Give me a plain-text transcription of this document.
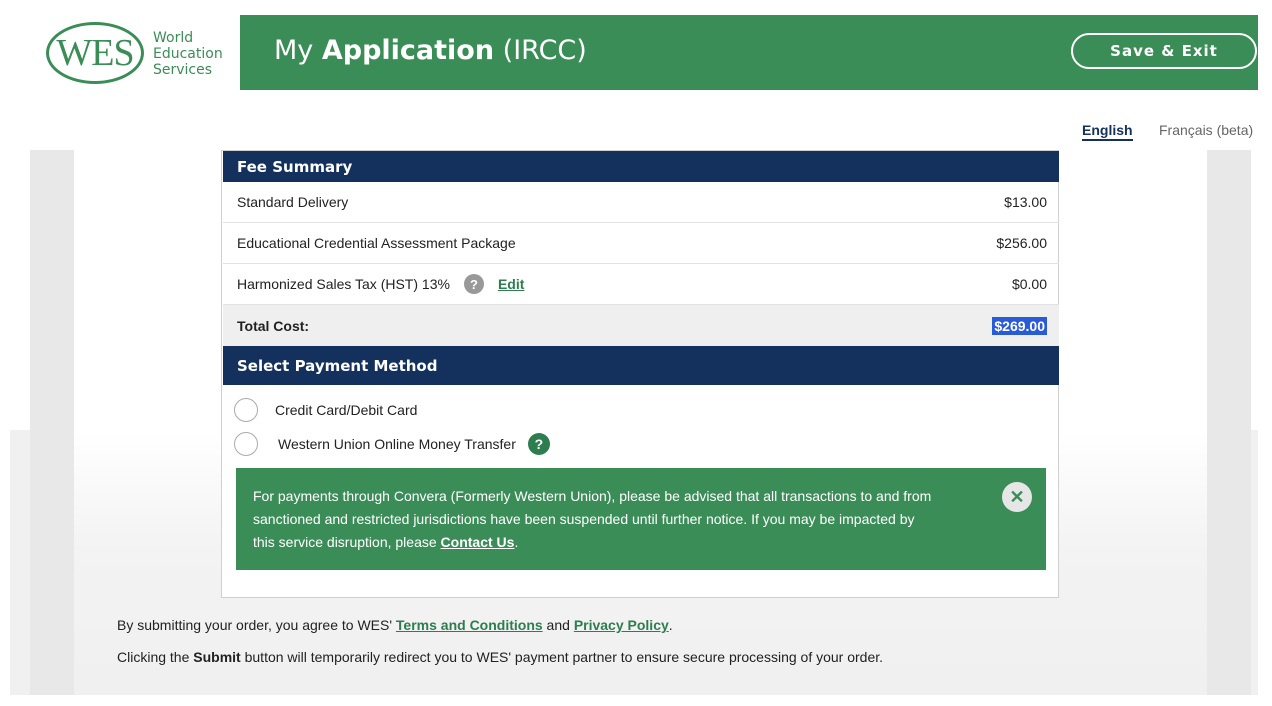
WES	World
Education
Services
My Application (IRCC)	Save & Exit
English Français (beta)
Fee Summary
Standard Delivery	$13.00
Educational Credential Assessment Package	$256.00
Harmonized Sales Tax (HST) 13%	?	Edit	$0.00
Total Cost:	$269.00
Select Payment Method
Credit Card/Debit Card
Western Union Online Money Transfer	?
For payments through Convera (Formerly Western Union), please be advised that all transactions to and from sanctioned and restricted jurisdictions have been suspended until further notice. If you may be impacted by this service disruption, please Contact Us.
✕
By submitting your order, you agree to WES' Terms and Conditions and Privacy Policy.
Clicking the Submit button will temporarily redirect you to WES' payment partner to ensure secure processing of your order.
